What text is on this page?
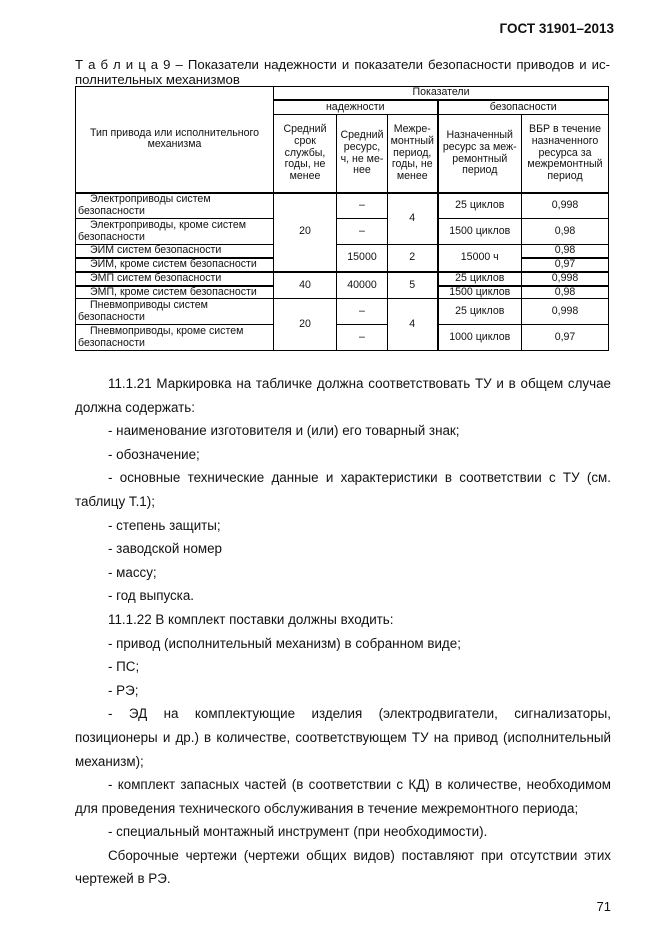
ГОСТ 31901–2013
Т а б л и ц а 9 – Показатели надежности и показатели безопасности приводов и ис-
полнительных механизмов
Тип привода или исполнительного механизма	Показатели				
	надежности			безопасности	
	Средний срок службы, годы, не менее	Средний ресурс, ч, не ме- нее	Межре- монтный период, годы, не менее	Назначенный ресурс за меж- ремонтный период	ВБР в течение назначенного ресурса за межремонтный период
Электроприводы систем безопасности	20	–	4	25 циклов	0,998
Электроприводы, кроме систем безопасности		–		1500 циклов	0,98
ЭИМ систем безопасности		15000	2	15000 ч	0,98
ЭИМ, кроме систем безопасности					0,97
ЭМП систем безопасности	40	40000	5	25 циклов	0,998
ЭМП, кроме систем безопасности				1500 циклов	0,98
Пневмоприводы систем безопасности	20	–	4	25 циклов	0,998
Пневмоприводы, кроме систем безопасности		–		1000 циклов	0,97

11.1.21 Маркировка на табличке должна соответствовать ТУ и в общем случае должна содержать:

- наименование изготовителя и (или) его товарный знак;

- обозначение;

- основные технические данные и характеристики в соответствии с ТУ (см. таблицу Т.1);

- степень защиты;

- заводской номер

- массу;

- год выпуска.

11.1.22 В комплект поставки должны входить:

- привод (исполнительный механизм) в собранном виде;

- ПС;

- РЭ;

- ЭД на комплектующие изделия (электродвигатели, сигнализаторы, позиционеры и др.) в количестве, соответствующем ТУ на привод (исполнительный механизм);

- комплект запасных частей (в соответствии с КД) в количестве, необходимом для проведения технического обслуживания в течение межремонтного периода;

- специальный монтажный инструмент (при необходимости).

Сборочные чертежи (чертежи общих видов) поставляют при отсутствии этих чертежей в РЭ.

71
